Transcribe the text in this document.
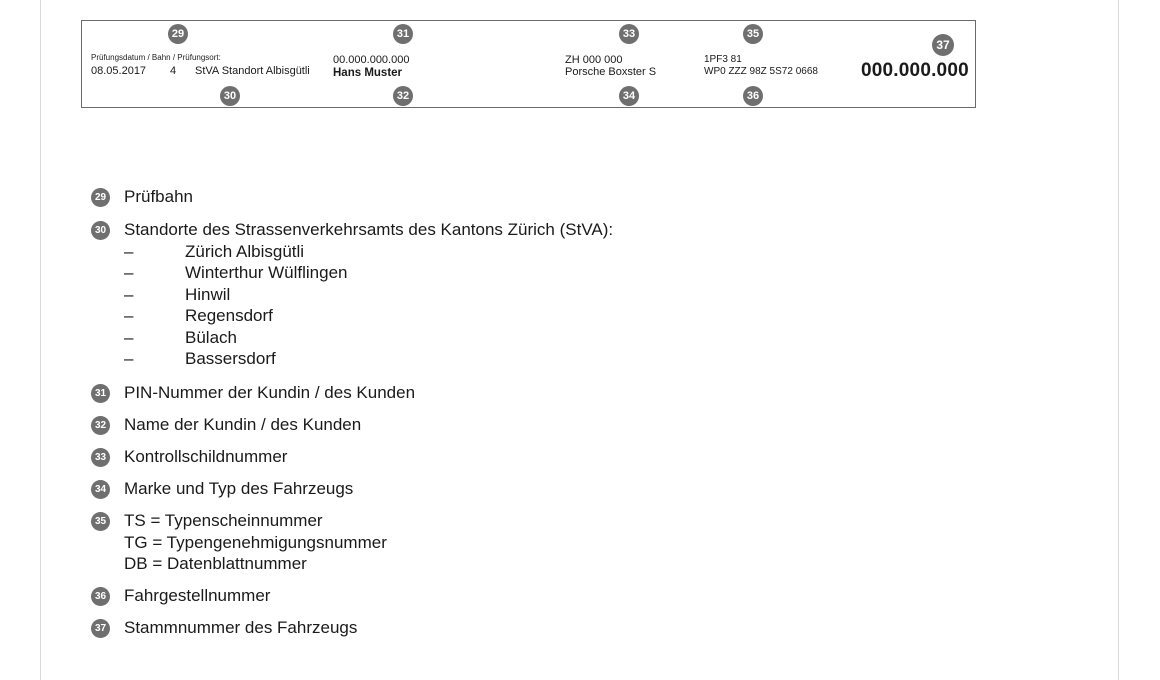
29	31	33	35
37
Prüfungsdatum / Bahn / Prüfungsort:
08.05.2017 4 StVA Standort Albisgütli
00.000.000.000
Hans Muster
ZH 000 000
Porsche Boxster S
1PF3 81
WP0 ZZZ 98Z 5S72 0668 000.000.000
30	32	34	36
29 Prüfbahn
30 Standorte des Strassenverkehrsamts des Kantons Zürich (StVA):
–	Zürich Albisgütli
–	Winterthur Wülflingen
–	Hinwil
–	Regensdorf
–	Bülach
–	Bassersdorf
31 PIN-Nummer der Kundin / des Kunden
32 Name der Kundin / des Kunden
33 Kontrollschildnummer
34 Marke und Typ des Fahrzeugs
35 TS = Typenscheinnummer
TG = Typengenehmigungsnummer
DB = Datenblattnummer
36 Fahrgestellnummer
37 Stammnummer des Fahrzeugs
